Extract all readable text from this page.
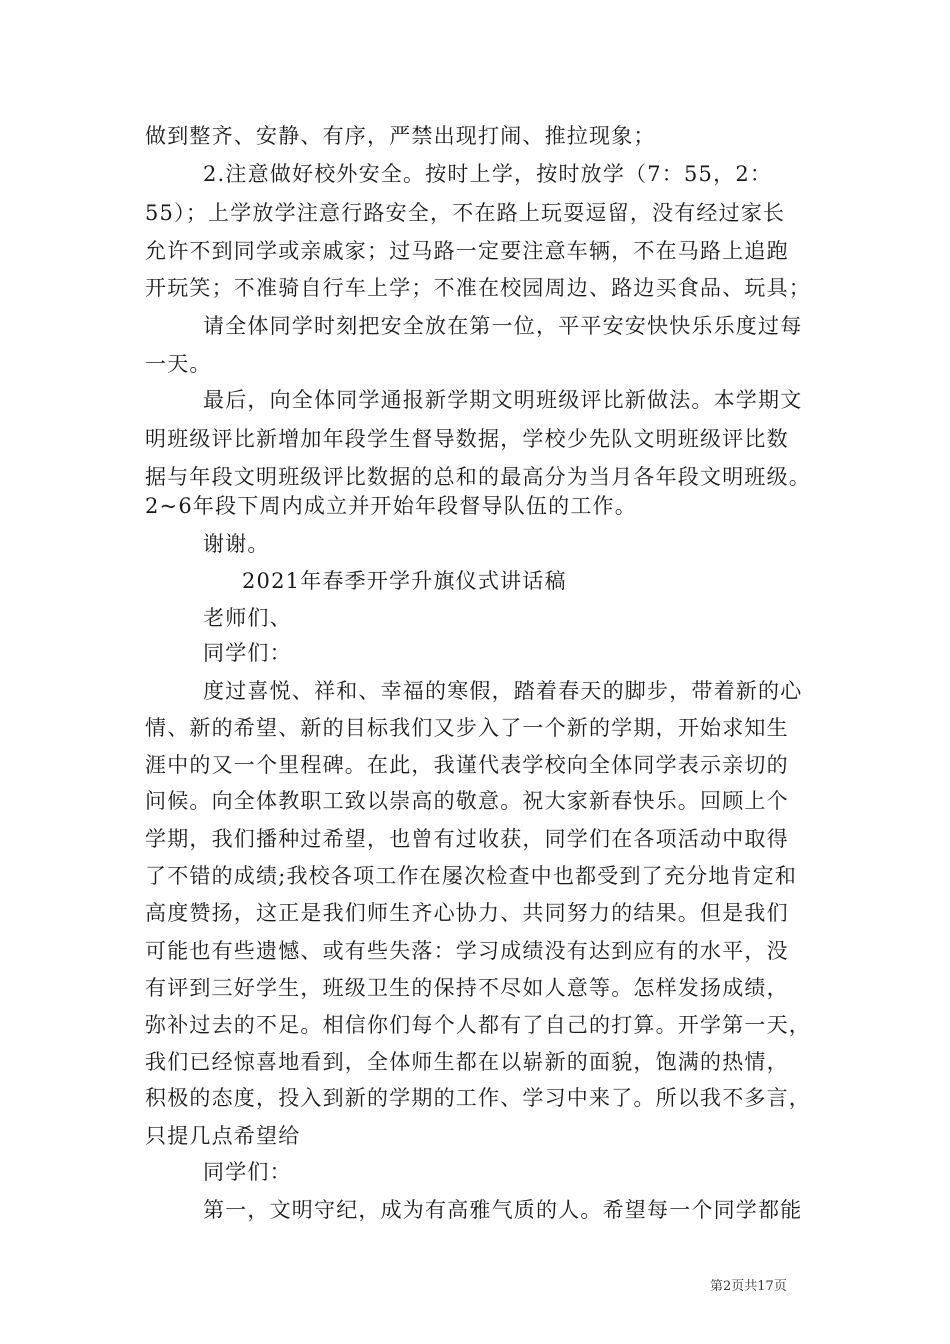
做到整齐、安静、有序，严禁出现打闹、推拉现象；
2.注意做好校外安全。按时上学，按时放学（7：55，2：
55）；上学放学注意行路安全，不在路上玩耍逗留，没有经过家长
允许不到同学或亲戚家；过马路一定要注意车辆，不在马路上追跑
开玩笑；不准骑自行车上学；不准在校园周边、路边买食品、玩具；
请全体同学时刻把安全放在第一位，平平安安快快乐乐度过每
一天。
最后，向全体同学通报新学期文明班级评比新做法。本学期文
明班级评比新增加年段学生督导数据，学校少先队文明班级评比数
据与年段文明班级评比数据的总和的最高分为当月各年段文明班级。
2~6年段下周内成立并开始年段督导队伍的工作。
谢谢。
2021年春季开学升旗仪式讲话稿
老师们、
同学们：
度过喜悦、祥和、幸福的寒假，踏着春天的脚步，带着新的心
情、新的希望、新的目标我们又步入了一个新的学期，开始求知生
涯中的又一个里程碑。在此，我谨代表学校向全体同学表示亲切的
问候。向全体教职工致以崇高的敬意。祝大家新春快乐。回顾上个
学期，我们播种过希望，也曾有过收获，同学们在各项活动中取得
了不错的成绩;我校各项工作在屡次检查中也都受到了充分地肯定和
高度赞扬，这正是我们师生齐心协力、共同努力的结果。但是我们
可能也有些遗憾、或有些失落：学习成绩没有达到应有的水平，没
有评到三好学生，班级卫生的保持不尽如人意等。怎样发扬成绩，
弥补过去的不足。相信你们每个人都有了自己的打算。开学第一天，
我们已经惊喜地看到，全体师生都在以崭新的面貌，饱满的热情，
积极的态度，投入到新的学期的工作、学习中来了。所以我不多言，
只提几点希望给
同学们：
第一，文明守纪，成为有高雅气质的人。希望每一个同学都能
第2页共17页
